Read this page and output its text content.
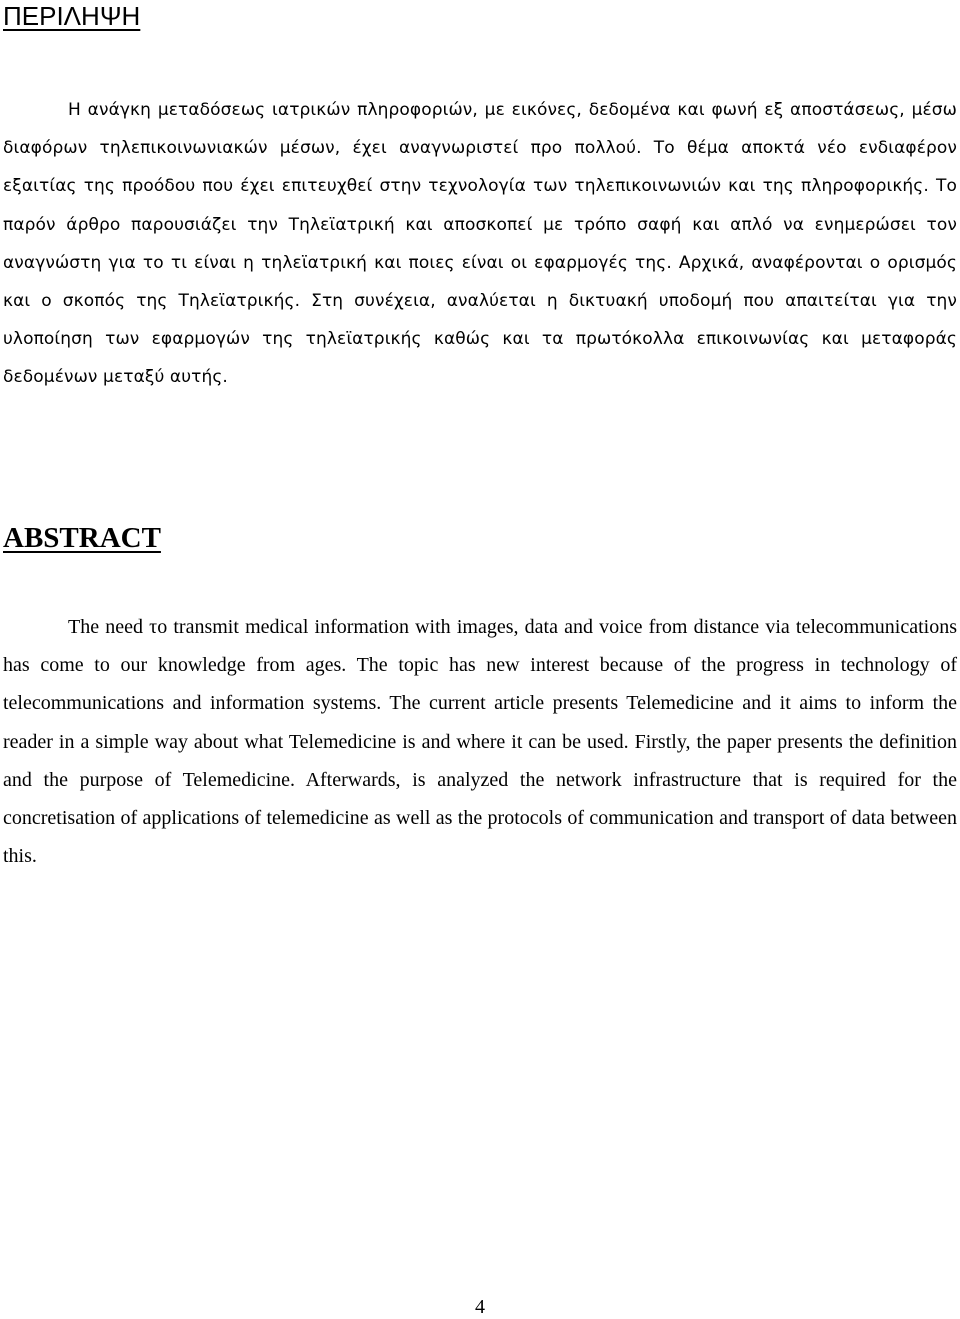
ΠΕΡΙΛΗΨΗ

Η ανάγκη μεταδόσεως ιατρικών πληροφοριών, με εικόνες, δεδομένα και φωνή εξ αποστάσεως, μέσω διαφόρων τηλεπικοινωνιακών μέσων, έχει αναγνωριστεί προ πολλού. Το θέμα αποκτά νέο ενδιαφέρον εξαιτίας της προόδου που έχει επιτευχθεί στην τεχνολογία των τηλεπικοινωνιών και της πληροφορικής. Το παρόν άρθρο παρουσιάζει την Τηλεϊατρική και αποσκοπεί με τρόπο σαφή και απλό να ενημερώσει τον αναγνώστη για το τι είναι η τηλεϊατρική και ποιες είναι οι εφαρμογές της. Αρχικά, αναφέρονται ο ορισμός και ο σκοπός της Τηλεϊατρικής. Στη συνέχεια, αναλύεται η δικτυακή υποδομή που απαιτείται για την υλοποίηση των εφαρμογών της τηλεϊατρικής καθώς και τα πρωτόκολλα επικοινωνίας και μεταφοράς δεδομένων μεταξύ αυτής.

ABSTRACT

The need το transmit medical information with images, data and voice from distance via telecommunications has come to our knowledge from ages. The topic has new interest because of the progress in technology of telecommunications and information systems. The current article presents Telemedicine and it aims to inform the reader in a simple way about what Telemedicine is and where it can be used. Firstly, the paper presents the definition and the purpose of Telemedicine. Afterwards, is analyzed the network infrastructure that is required for the concretisation of applications of telemedicine as well as the protocols of communication and transport of data between this.

4
